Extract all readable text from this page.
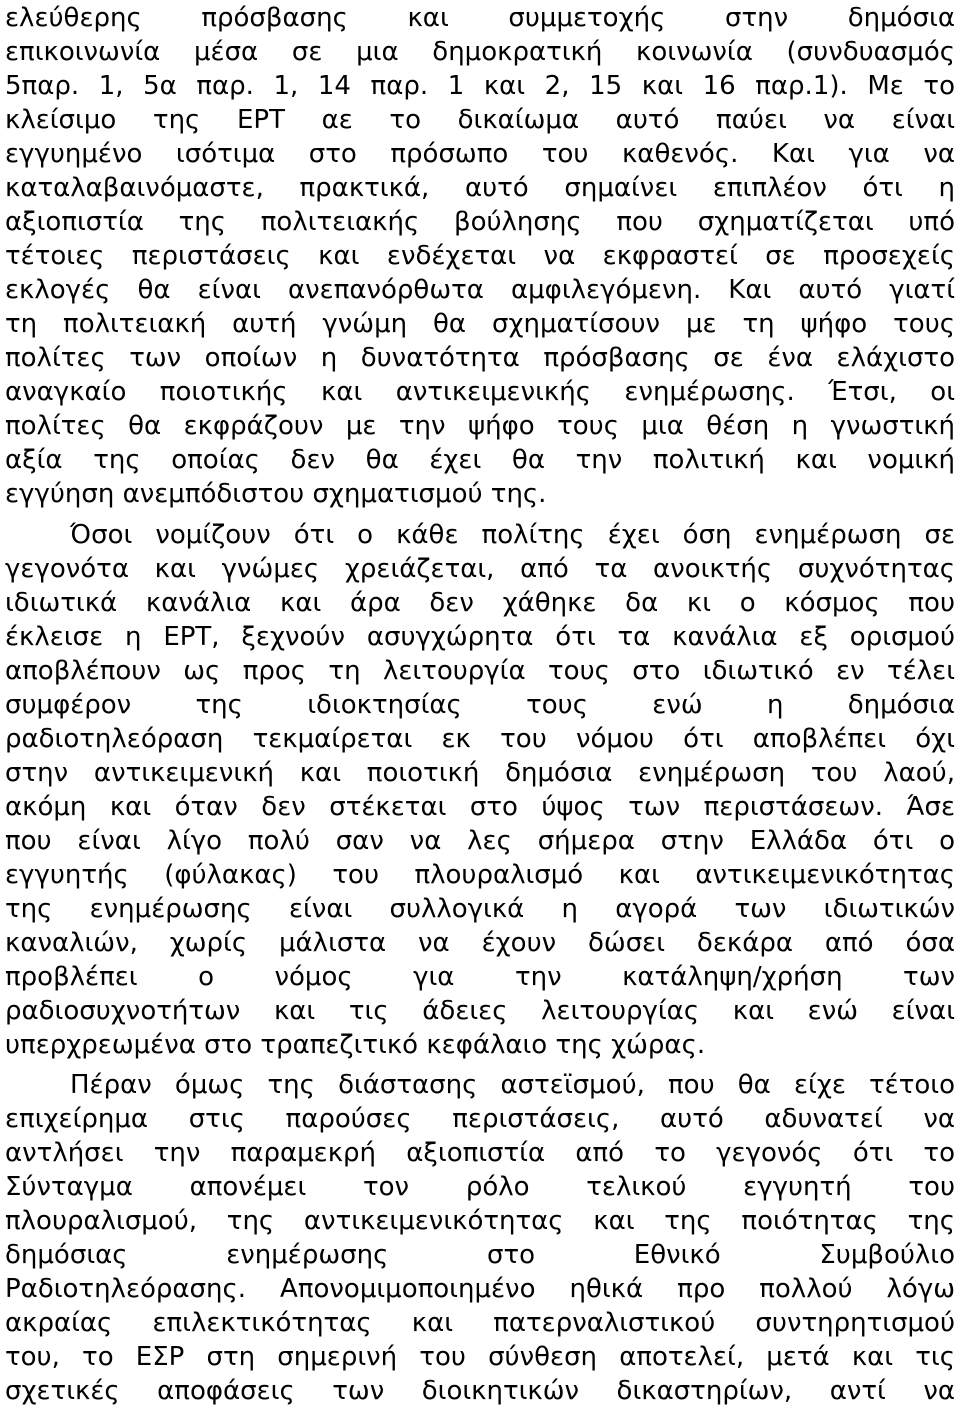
ελεύθερης πρόσβασης και συμμετοχής στην δημόσια
επικοινωνία μέσα σε μια δημοκρατική κοινωνία (συνδυασμός
5παρ. 1, 5α παρ. 1, 14 παρ. 1 και 2, 15 και 16 παρ.1). Με το
κλείσιμο της ΕΡΤ αε το δικαίωμα αυτό παύει να είναι
εγγυημένο ισότιμα στο πρόσωπο του καθενός. Και για να
καταλαβαινόμαστε, πρακτικά, αυτό σημαίνει επιπλέον ότι η
αξιοπιστία της πολιτειακής βούλησης που σχηματίζεται υπό
τέτοιες περιστάσεις και ενδέχεται να εκφραστεί σε προσεχείς
εκλογές θα είναι ανεπανόρθωτα αμφιλεγόμενη. Και αυτό γιατί
τη πολιτειακή αυτή γνώμη θα σχηματίσουν με τη ψήφο τους
πολίτες των οποίων η δυνατότητα πρόσβασης σε ένα ελάχιστο
αναγκαίο ποιοτικής και αντικειμενικής ενημέρωσης. Έτσι, οι
πολίτες θα εκφράζουν με την ψήφο τους μια θέση η γνωστική
αξία της οποίας δεν θα έχει θα την πολιτική και νομική
εγγύηση ανεμπόδιστου σχηματισμού της.
Όσοι νομίζουν ότι ο κάθε πολίτης έχει όση ενημέρωση σε
γεγονότα και γνώμες χρειάζεται, από τα ανοικτής συχνότητας
ιδιωτικά κανάλια και άρα δεν χάθηκε δα κι ο κόσμος που
έκλεισε η ΕΡΤ, ξεχνούν ασυγχώρητα ότι τα κανάλια εξ ορισμού
αποβλέπουν ως προς τη λειτουργία τους στο ιδιωτικό εν τέλει
συμφέρον της ιδιοκτησίας τους ενώ η δημόσια
ραδιοτηλεόραση τεκμαίρεται εκ του νόμου ότι αποβλέπει όχι
στην αντικειμενική και ποιοτική δημόσια ενημέρωση του λαού,
ακόμη και όταν δεν στέκεται στο ύψος των περιστάσεων. Άσε
που είναι λίγο πολύ σαν να λες σήμερα στην Ελλάδα ότι ο
εγγυητής (φύλακας) του πλουραλισμό και αντικειμενικότητας
της ενημέρωσης είναι συλλογικά η αγορά των ιδιωτικών
καναλιών, χωρίς μάλιστα να έχουν δώσει δεκάρα από όσα
προβλέπει ο νόμος για την κατάληψη/χρήση των
ραδιοσυχνοτήτων και τις άδειες λειτουργίας και ενώ είναι
υπερχρεωμένα στο τραπεζιτικό κεφάλαιο της χώρας.
Πέραν όμως της διάστασης αστεϊσμού, που θα είχε τέτοιο
επιχείρημα στις παρούσες περιστάσεις, αυτό αδυνατεί να
αντλήσει την παραμεκρή αξιοπιστία από το γεγονός ότι το
Σύνταγμα απονέμει τον ρόλο τελικού εγγυητή του
πλουραλισμού, της αντικειμενικότητας και της ποιότητας της
δημόσιας ενημέρωσης στο Εθνικό Συμβούλιο
Ραδιοτηλεόρασης. Απονομιμοποιημένο ηθικά προ πολλού λόγω
ακραίας επιλεκτικότητας και πατερναλιστικού συντηρητισμού
του, το ΕΣΡ στη σημερινή του σύνθεση αποτελεί, μετά και τις
σχετικές αποφάσεις των διοικητικών δικαστηρίων, αντί να
